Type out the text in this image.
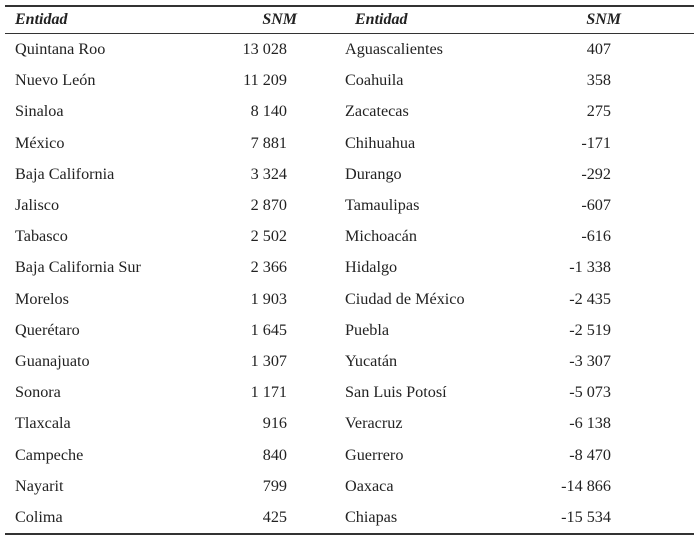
Entidad	SNM		Entidad	SNM	
Quintana Roo	13 028		Aguascalientes	407	
Nuevo León	11 209		Coahuila	358	
Sinaloa	8 140		Zacatecas	275	
México	7 881		Chihuahua	-171	
Baja California	3 324		Durango	-292	
Jalisco	2 870		Tamaulipas	-607	
Tabasco	2 502		Michoacán	-616	
Baja California Sur	2 366		Hidalgo	-1 338	
Morelos	1 903		Ciudad de México	-2 435	
Querétaro	1 645		Puebla	-2 519	
Guanajuato	1 307		Yucatán	-3 307	
Sonora	1 171		San Luis Potosí	-5 073	
Tlaxcala	916		Veracruz	-6 138	
Campeche	840		Guerrero	-8 470	
Nayarit	799		Oaxaca	-14 866	
Colima	425		Chiapas	-15 534	
